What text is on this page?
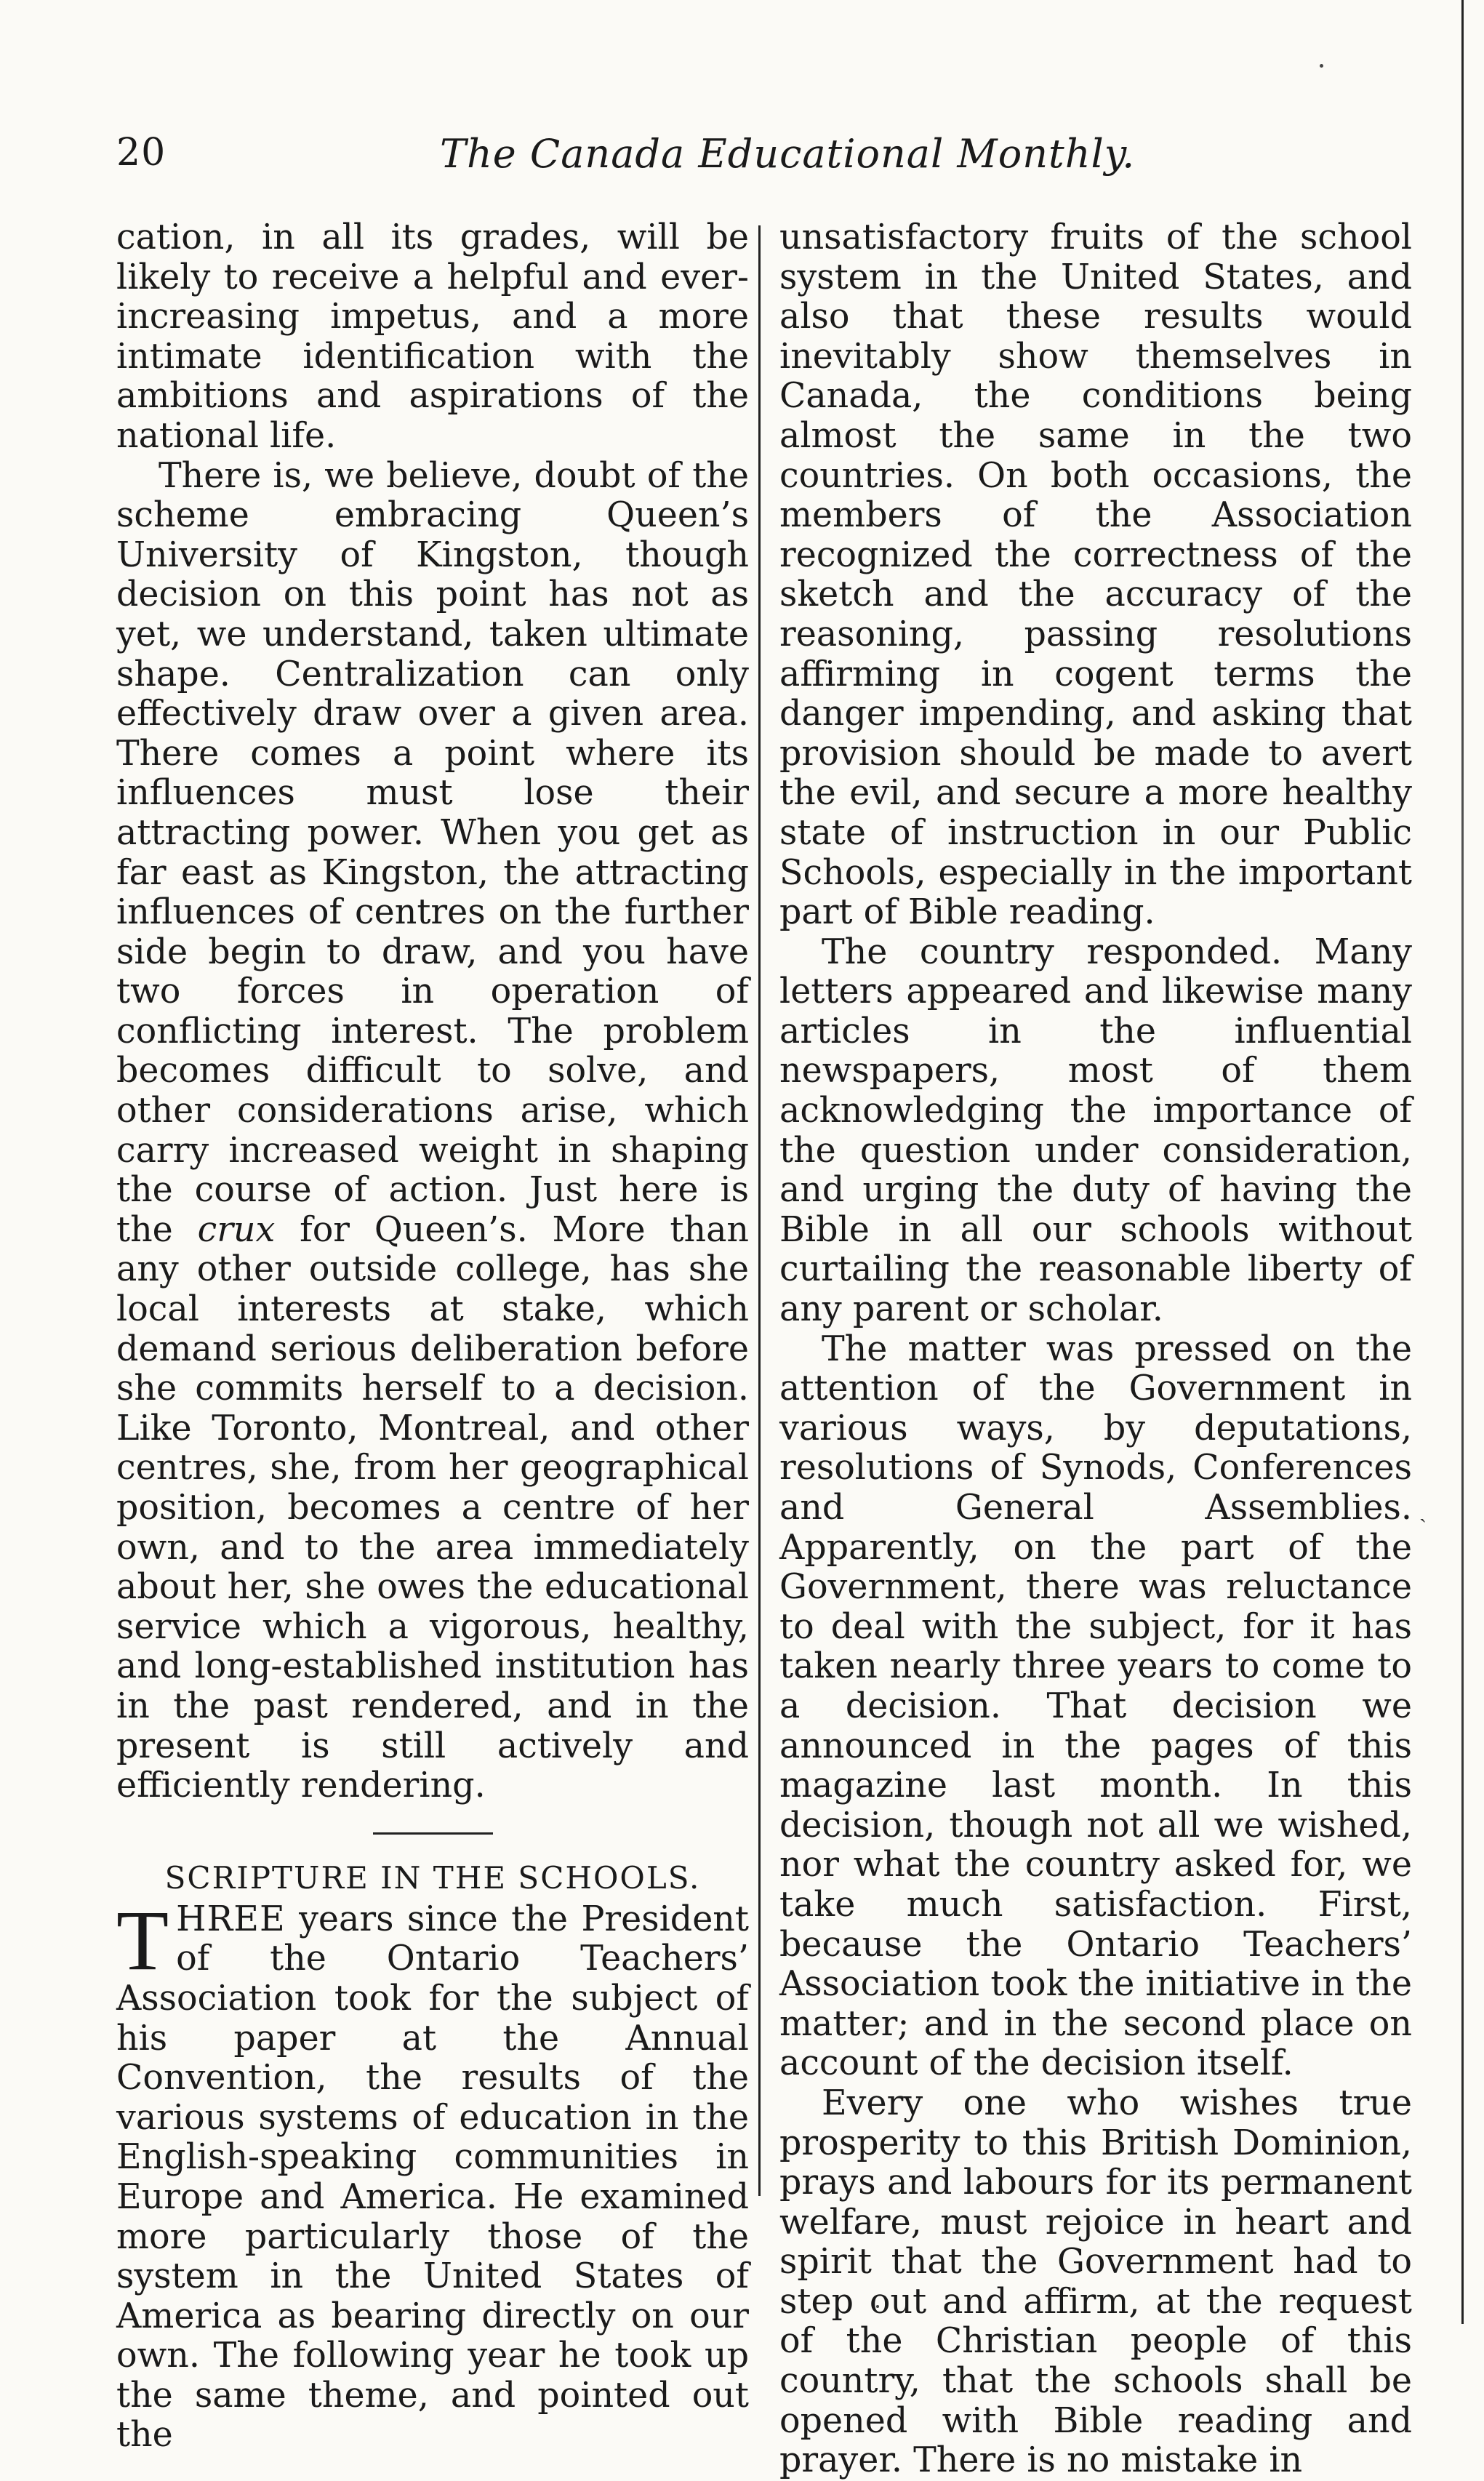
20	The Canada Educational Monthly.

cation, in all its grades, will be likely to receive a helpful and ever-increasing impetus, and a more intimate identification with the ambitions and aspirations of the national life.

There is, we believe, doubt of the scheme embracing Queen’s University of Kingston, though decision on this point has not as yet, we understand, taken ultimate shape. Centralization can only effectively draw over a given area. There comes a point where its influences must lose their attracting power. When you get as far east as Kingston, the attracting influences of centres on the further side begin to draw, and you have two forces in operation of conflicting interest. The problem becomes difficult to solve, and other considerations arise, which carry increased weight in shaping the course of action. Just here is the crux for Queen’s. More than any other outside college, has she local interests at stake, which demand serious deliberation before she commits herself to a decision. Like Toronto, Montreal, and other centres, she, from her geographical position, becomes a centre of her own, and to the area immediately about her, she owes the educational service which a vigorous, healthy, and long-established institution has in the past rendered, and in the present is still actively and efficiently rendering.

SCRIPTURE IN THE SCHOOLS.

THREE years since the President of the Ontario Teachers’ Association took for the subject of his paper at the Annual Convention, the results of the various systems of education in the English-speaking communities in Europe and America. He examined more particularly those of the system in the United States of America as bearing directly on our own. The following year he took up the same theme, and pointed out the

unsatisfactory fruits of the school system in the United States, and also that these results would inevitably show themselves in Canada, the conditions being almost the same in the two countries. On both occasions, the members of the Association recognized the correctness of the sketch and the accuracy of the reasoning, passing resolutions affirming in cogent terms the danger impending, and asking that provision should be made to avert the evil, and secure a more healthy state of instruction in our Public Schools, especially in the important part of Bible reading.

The country responded. Many letters appeared and likewise many articles in the influential newspapers, most of them acknowledging the importance of the question under consideration, and urging the duty of having the Bible in all our schools without curtailing the reasonable liberty of any parent or scholar.

The matter was pressed on the attention of the Government in various ways, by deputations, resolutions of Synods, Conferences and General Assemblies. Apparently, on the part of the Government, there was reluctance to deal with the subject, for it has taken nearly three years to come to a decision. That decision we announced in the pages of this magazine last month. In this decision, though not all we wished, nor what the country asked for, we take much satisfaction. First, because the Ontario Teachers’ Association took the initiative in the matter; and in the second place on account of the decision itself.

Every one who wishes true prosperity to this British Dominion, prays and labours for its permanent welfare, must rejoice in heart and spirit that the Government had to step out and affirm, at the request of the Christian people of this country, that the schools shall be opened with Bible reading and prayer. There is no mistake in

ˏ
